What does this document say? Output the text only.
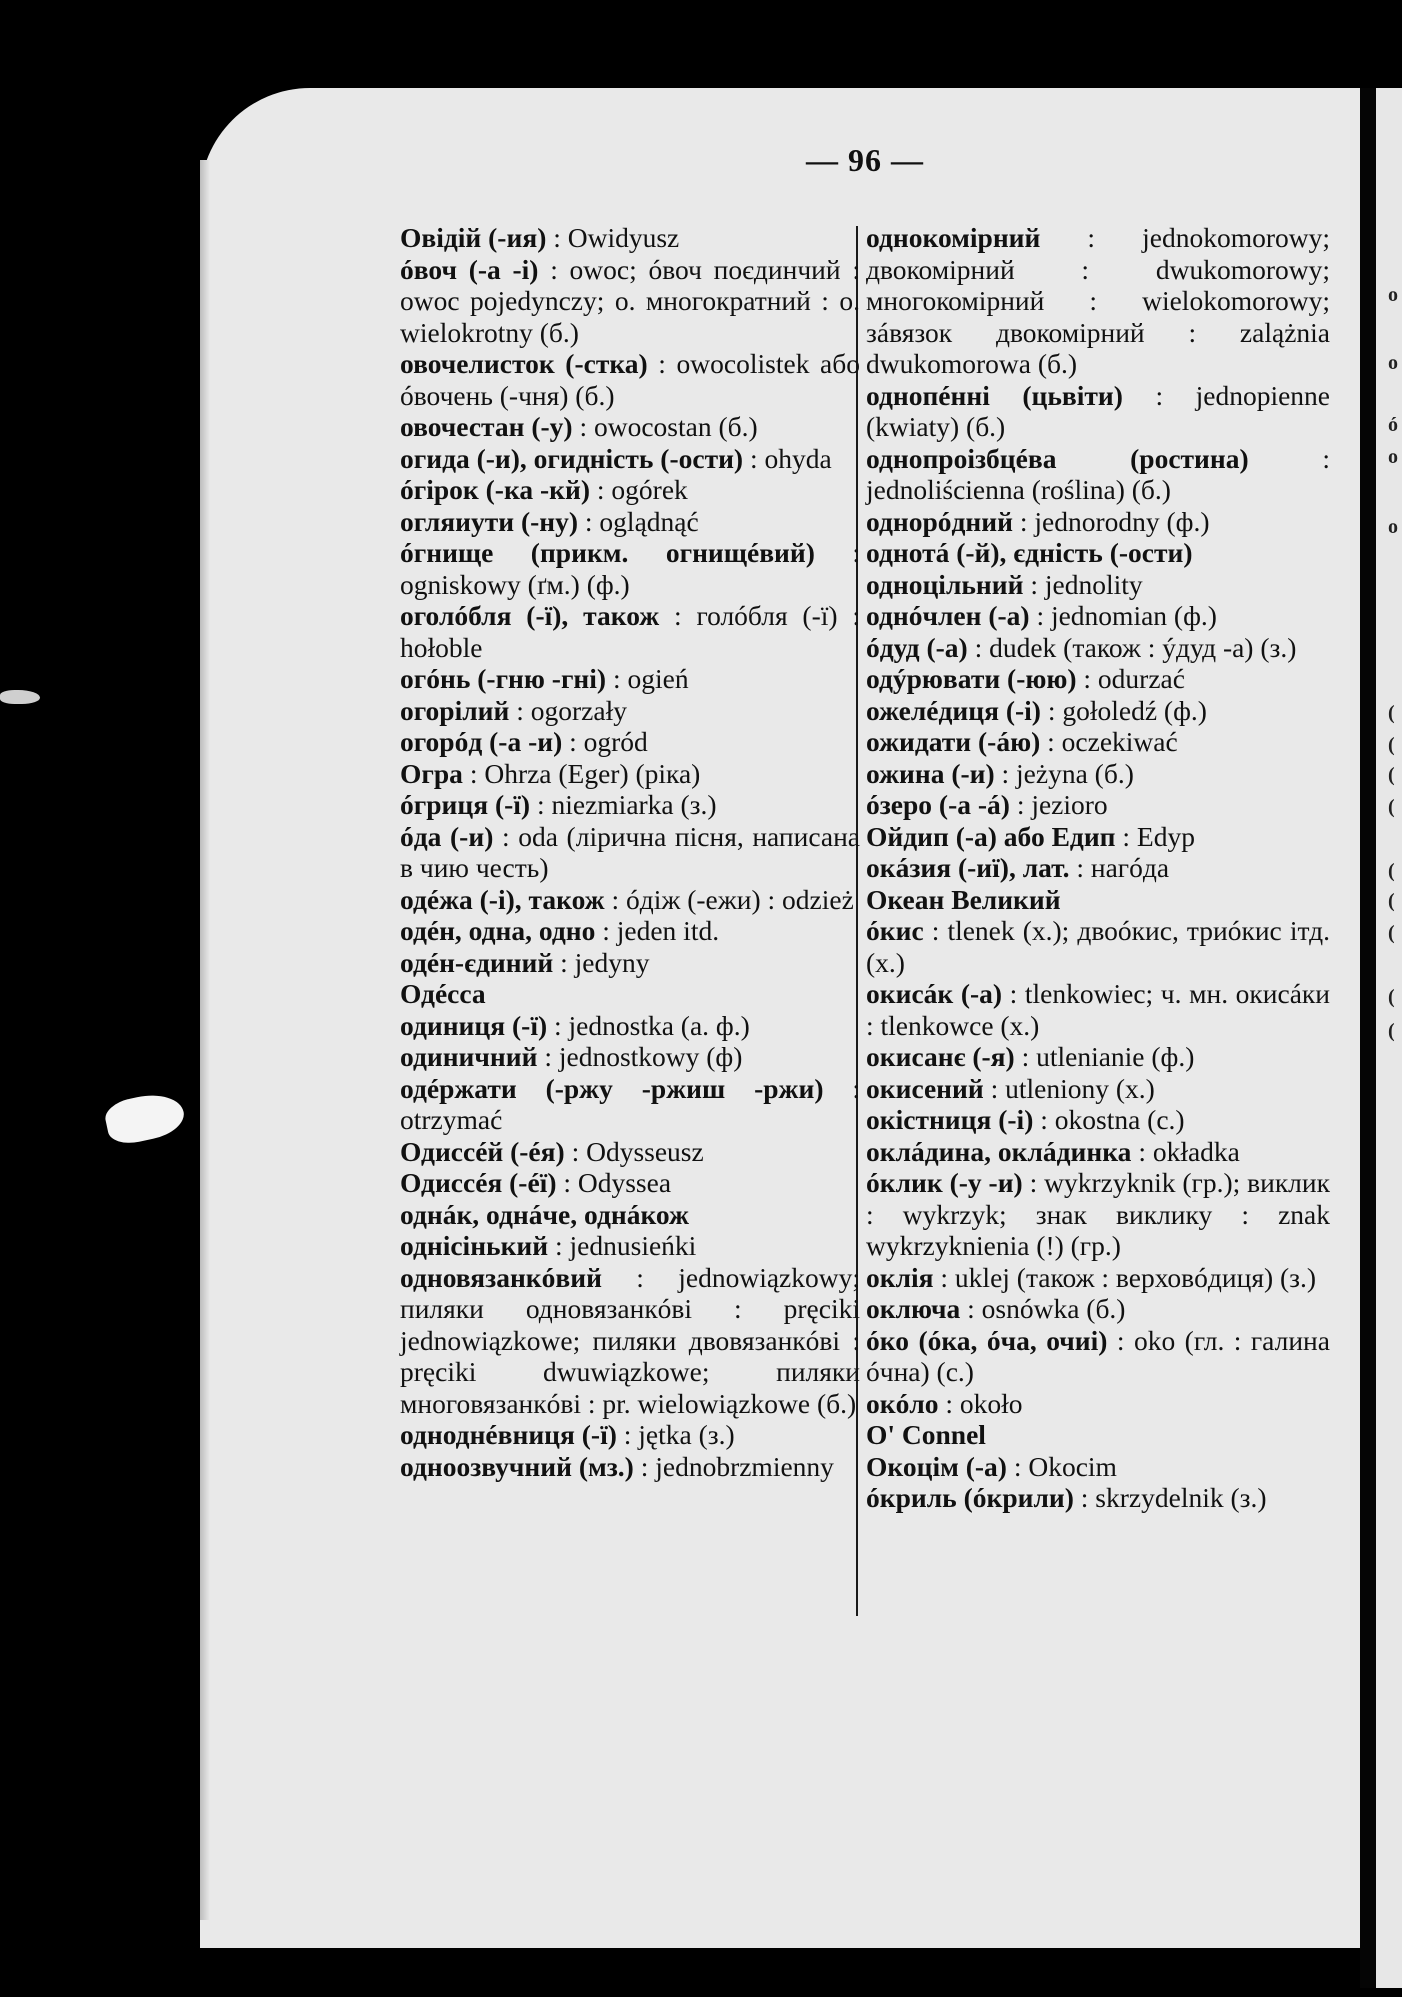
o
o
ó
o
o
(
(
(
(
(
(
(
(
(
— 96 —
Овідій (-ия) : Owidyusz
óвоч (-а -і) : owoc; óвоч поєдинчий : owoc pojedynczy; о. многократний : o. wielokrotny (б.)
овочелисток (-стка) : owocolistek або óвочень (-чня) (б.)
овочестан (-у) : owocostan (б.)
огида (-и), огидність (-ости) : ohyda
óгірок (-ка -кй) : ogórek
огляиути (-ну) : oglądnąć
óгнище (прикм. огнищéвий) : ogniskowy (ґм.) (ф.)
оголóбля (-ї), також : голóбля (-ї) : hołoble
огóнь (-гню -гні) : ogień
огорілий : ogorzały
огорóд (-а -и) : ogród
Огра : Ohrza (Eger) (ріка)
óгриця (-ї) : niezmiarka (з.)
óда (-и) : oda (ліpична пісня, написана в чию честь)
одéжа (-і), також : óдіж (-ежи) : odzież
одéн, одна, одно : jeden itd.
одéн-єдиний : jedyny
Одéсса
одиниця (-ї) : jednostka (а. ф.)
одиничний : jednostkowy (ф)
одéржати (-ржу -ржиш -ржи) : otrzymać
Одиссéй (-éя) : Odysseusz
Одиссéя (-éї) : Odyssea
однáк, однáче, однáкож
однісінький : jednusieńki
одновязанкóвий : jednowiązkowy; пиляки одновязанкóві : pręciki jednowiązkowe; пиляки двовязанкóві : pręciki dwuwiązkowe; пиляки многовязанкóві : pr. wielowiązkowe (б.)
одноднéвниця (-ї) : jętka (з.)
одноозвучний (мз.) : jednobrzmienny
однокомірний : jednokomorowy; двокомірний : dwukomorowy; многокомірний : wielokomorowy; зáвязок двокомірний : zalążnia dwukomorowa (б.)
однопéнні (цьвіти) : jednopienne (kwiaty) (б.)
однопроізбцéва (ростина) : jednoliścienna (roślina) (б.)
одноpóдний : jednorodny (ф.)
однотá (-й), єдність (-ости)
одноцільний : jednolity
однóчлен (-а) : jednomian (ф.)
óдуд (-а) : dudek (також : ýдуд -а) (з.)
одýрювати (-юю) : odurzać
ожелéдиця (-і) : gołoledź (ф.)
ожидати (-áю) : oczekiwać
ожина (-и) : jeżyna (б.)
óзеро (-а -á) : jezioro
Ойдип (-а) або Едип : Edyp
окáзия (-иї), лат. : нагóда
Океан Великий
óкис : tlenek (х.); двоóкис, триóкис ітд. (х.)
окисáк (-а) : tlenkowiec; ч. мн. окисáки : tlenkowce (х.)
окисанє (-я) : utlenianie (ф.)
окисений : utleniony (х.)
окістниця (-і) : okostna (с.)
оклáдина, оклáдинка : okładka
óклик (-у -и) : wykrzyknik (гр.); виклик : wykrzyk; знак виклику : znak wykrzyknienia (!) (гр.)
оклія : uklej (також : верховóдиця) (з.)
оключа : osnówka (б.)
óко (óка, óча, очиі) : oko (гл. : галина óчна) (с.)
окóло : około
O' Connel
Окоцім (-а) : Okocim
óкриль (óкрили) : skrzydelnik (з.)
